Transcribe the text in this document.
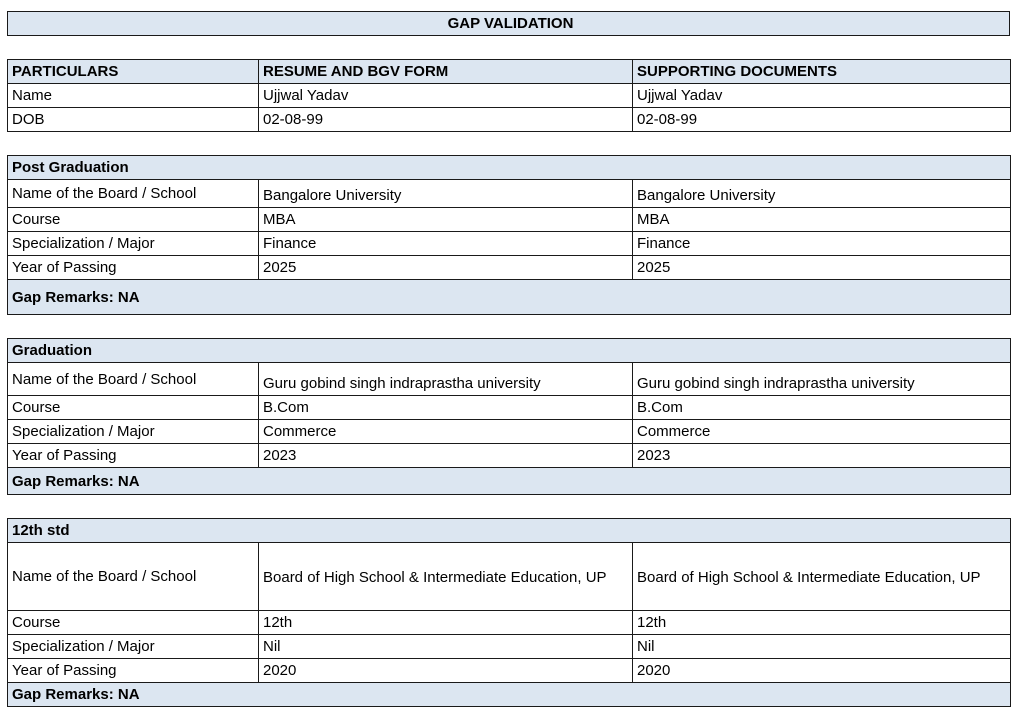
GAP VALIDATION
PARTICULARS	RESUME AND BGV FORM	SUPPORTING DOCUMENTS
Name	Ujjwal Yadav	Ujjwal Yadav
DOB	02-08-99	02-08-99
Post Graduation		
Name of the Board / School	Bangalore University	Bangalore University
Course	MBA	MBA
Specialization / Major	Finance	Finance
Year of Passing	2025	2025
Gap Remarks: NA		
Graduation		
Name of the Board / School	Guru gobind singh indraprastha university	Guru gobind singh indraprastha university
Course	B.Com	B.Com
Specialization / Major	Commerce	Commerce
Year of Passing	2023	2023
Gap Remarks: NA		
12th std		
Name of the Board / School	Board of High School & Intermediate Education, UP	Board of High School & Intermediate Education, UP
Course	12th	12th
Specialization / Major	Nil	Nil
Year of Passing	2020	2020
Gap Remarks: NA		
